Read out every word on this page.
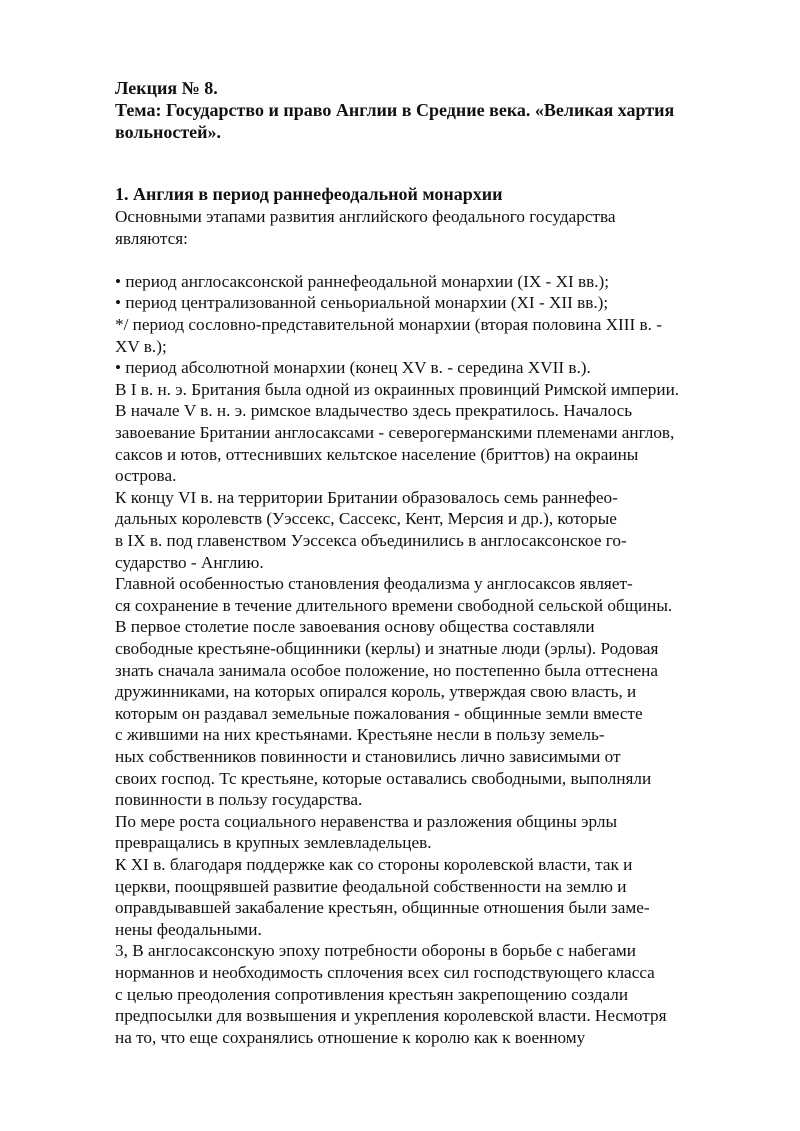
Лекция № 8.
Тема: Государство и право Англии в Средние века. «Великая хартия
вольностей».
1. Англия в период раннефеодальной монархии
Основными этапами развития английского феодального государства
являются:
• период англосаксонской раннефеодальной монархии (IX - XI вв.);
• период централизованной сеньориальной монархии (XI - XII вв.);
*/ период сословно-представительной монархии (вторая половина XIII в. -
XV в.);
• период абсолютной монархии (конец XV в. - середина XVII в.).
В I в. н. э. Британия была одной из окраинных провинций Римской империи.
В начале V в. н. э. римское владычество здесь прекратилось. Началось
завоевание Британии англосаксами - северогерманскими племенами англов,
саксов и ютов, оттеснивших кельтское население (бриттов) на окраины
острова.
К концу VI в. на территории Британии образовалось семь раннефео-
дальных королевств (Уэссекс, Сассекс, Кент, Мерсия и др.), которые
в IX в. под главенством Уэссекса объединились в англосаксонское го-
сударство - Англию.
Главной особенностью становления феодализма у англосаксов являет-
ся сохранение в течение длительного времени свободной сельской общины.
В первое столетие после завоевания основу общества составляли
свободные крестьяне-общинники (керлы) и знатные люди (эрлы). Родовая
знать сначала занимала особое положение, но постепенно была оттеснена
дружинниками, на которых опирался король, утверждая свою власть, и
которым он раздавал земельные пожалования - общинные земли вместе
с жившими на них крестьянами. Крестьяне несли в пользу земель-
ных собственников повинности и становились лично зависимыми от
своих господ. Тс крестьяне, которые оставались свободными, выполняли
повинности в пользу государства.
По мере роста социального неравенства и разложения общины эрлы
превращались в крупных землевладельцев.
К XI в. благодаря поддержке как со стороны королевской власти, так и
церкви, поощрявшей развитие феодальной собственности на землю и
оправдывавшей закабаление крестьян, общинные отношения были заме-
нены феодальными.
3, В англосаксонскую эпоху потребности обороны в борьбе с набегами
норманнов и необходимость сплочения всех сил господствующего класса
с целью преодоления сопротивления крестьян закрепощению создали
предпосылки для возвышения и укрепления королевской власти. Несмотря
на то, что еще сохранялись отношение к королю как к военному
